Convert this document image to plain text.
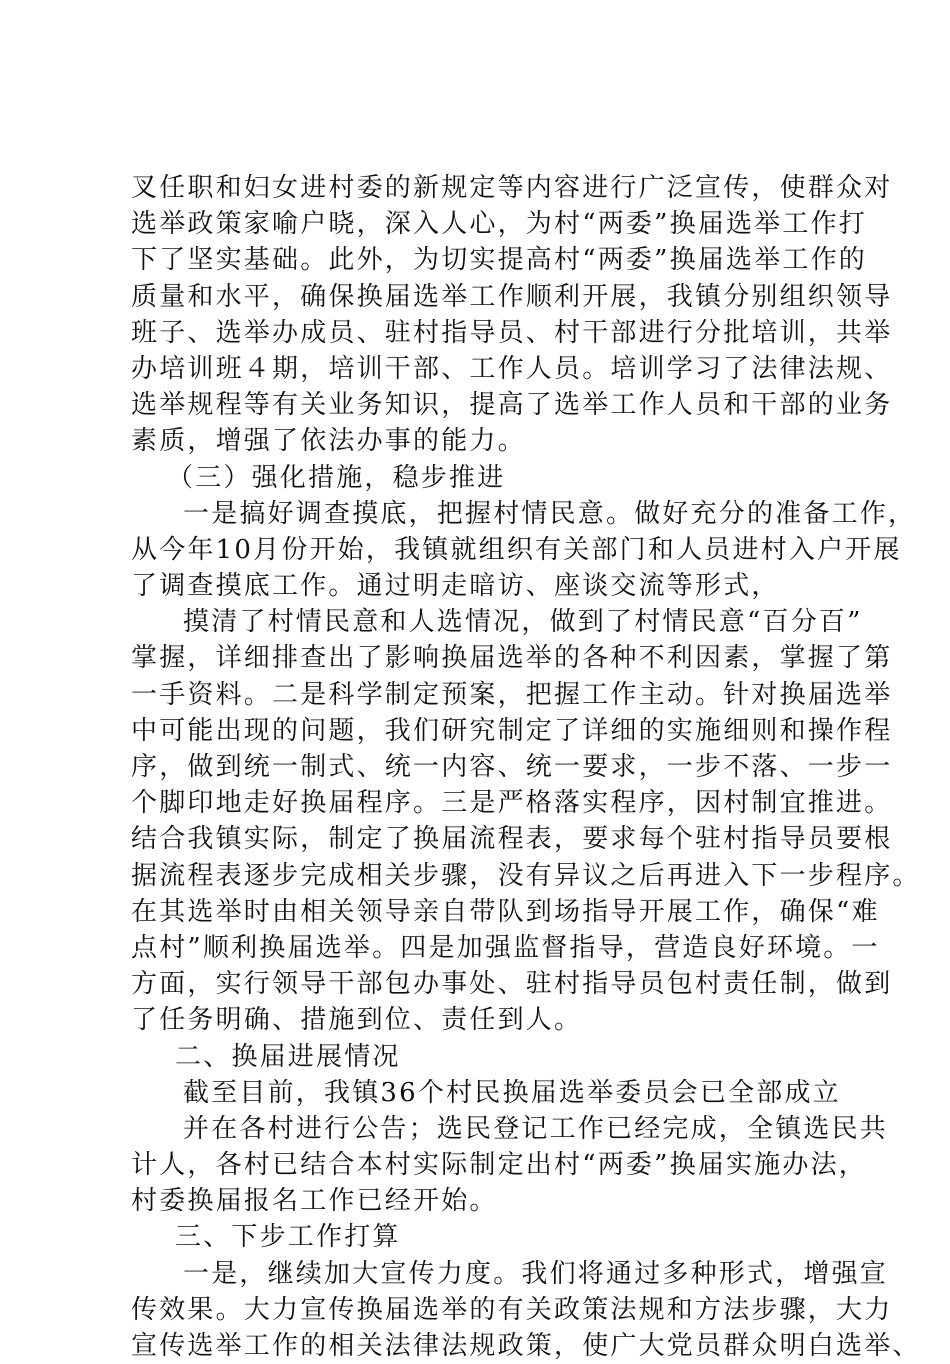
叉任职和妇女进村委的新规定等内容进行广泛宣传，使群众对
选举政策家喻户晓，深入人心，为村“两委”换届选举工作打
下了坚实基础。此外，为切实提高村“两委”换届选举工作的
质量和水平，确保换届选举工作顺利开展，我镇分别组织领导
班子、选举办成员、驻村指导员、村干部进行分批培训，共举
办培训班４期，培训干部、工作人员。培训学习了法律法规、
选举规程等有关业务知识，提高了选举工作人员和干部的业务
素质，增强了依法办事的能力。
（三）强化措施，稳步推进
一是搞好调查摸底，把握村情民意。做好充分的准备工作，
从今年10月份开始，我镇就组织有关部门和人员进村入户开展
了调查摸底工作。通过明走暗访、座谈交流等形式，
摸清了村情民意和人选情况，做到了村情民意“百分百”
掌握，详细排查出了影响换届选举的各种不利因素，掌握了第
一手资料。二是科学制定预案，把握工作主动。针对换届选举
中可能出现的问题，我们研究制定了详细的实施细则和操作程
序，做到统一制式、统一内容、统一要求，一步不落、一步一
个脚印地走好换届程序。三是严格落实程序，因村制宜推进。
结合我镇实际，制定了换届流程表，要求每个驻村指导员要根
据流程表逐步完成相关步骤，没有异议之后再进入下一步程序。
在其选举时由相关领导亲自带队到场指导开展工作，确保“难
点村”顺利换届选举。四是加强监督指导，营造良好环境。一
方面，实行领导干部包办事处、驻村指导员包村责任制，做到
了任务明确、措施到位、责任到人。
二、换届进展情况
截至目前，我镇36个村民换届选举委员会已全部成立
并在各村进行公告；选民登记工作已经完成，全镇选民共
计人，各村已结合本村实际制定出村“两委”换届实施办法，
村委换届报名工作已经开始。
三、下步工作打算
一是，继续加大宣传力度。我们将通过多种形式，增强宣
传效果。大力宣传换届选举的有关政策法规和方法步骤，大力
宣传选举工作的相关法律法规政策，使广大党员群众明白选举、
